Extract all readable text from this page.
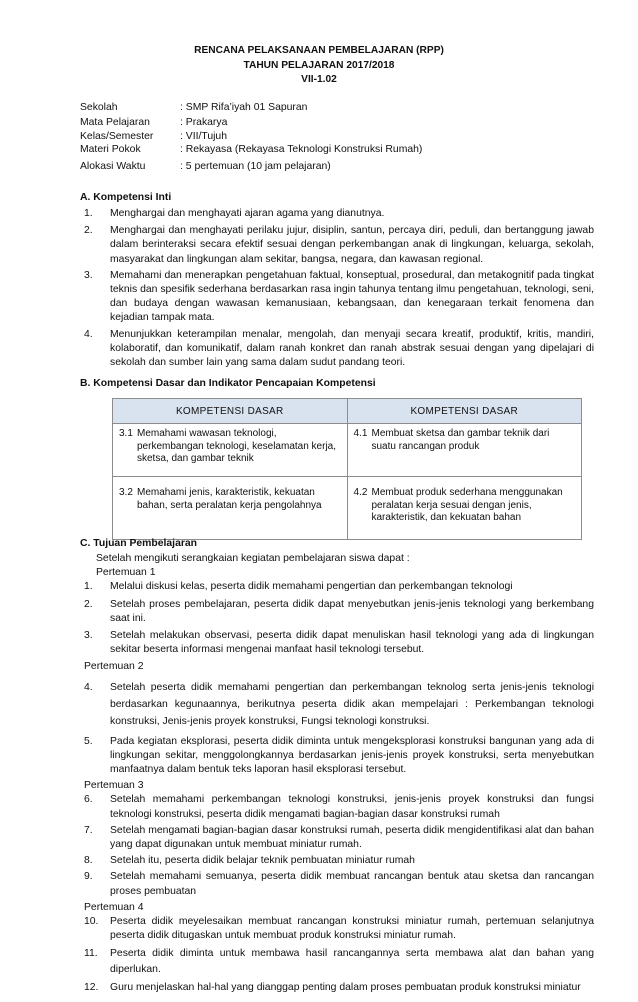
RENCANA PELAKSANAAN PEMBELAJARAN (RPP)
TAHUN PELAJARAN 2017/2018
VII-1.02
Sekolah	: SMP Rifa’iyah 01 Sapuran
Mata Pelajaran	: Prakarya
Kelas/Semester	: VII/Tujuh
Materi Pokok	: Rekayasa (Rekayasa Teknologi Konstruksi Rumah)
Alokasi Waktu	: 5 pertemuan (10 jam pelajaran)
A. Kompetensi Inti
1.	Menghargai dan menghayati ajaran agama yang dianutnya.
2.	Menghargai dan menghayati perilaku jujur, disiplin, santun, percaya diri, peduli, dan bertanggung jawab dalam berinteraksi secara efektif sesuai dengan perkembangan anak di lingkungan, keluarga, sekolah, masyarakat dan lingkungan alam sekitar, bangsa, negara, dan kawasan regional.
3.	Memahami dan menerapkan pengetahuan faktual, konseptual, prosedural, dan metakognitif pada tingkat teknis dan spesifik sederhana berdasarkan rasa ingin tahunya tentang ilmu pengetahuan, teknologi, seni, dan budaya dengan wawasan kemanusiaan, kebangsaan, dan kenegaraan terkait fenomena dan kejadian tampak mata.
4.	Menunjukkan keterampilan menalar, mengolah, dan menyaji secara kreatif, produktif, kritis, mandiri, kolaboratif, dan komunikatif, dalam ranah konkret dan ranah abstrak sesuai dengan yang dipelajari di sekolah dan sumber lain yang sama dalam sudut pandang teori.
B. Kompetensi Dasar dan Indikator Pencapaian Kompetensi
KOMPETENSI DASAR	KOMPETENSI DASAR

3.1 Memahami wawasan teknologi, perkembangan teknologi, keselamatan kerja, sketsa, dan gambar teknik	4.1 Membuat sketsa dan gambar teknik dari suatu rancangan produk

3.2 Memahami jenis, karakteristik, kekuatan bahan, serta peralatan kerja pengolahnya	4.2 Membuat produk sederhana menggunakan peralatan kerja sesuai dengan jenis, karakteristik, dan kekuatan bahan
C. Tujuan Pembelajaran
Setelah mengikuti serangkaian kegiatan pembelajaran siswa dapat :
Pertemuan 1
1.	Melalui diskusi kelas, peserta didik memahami pengertian dan perkembangan teknologi
2.	Setelah proses pembelajaran, peserta didik dapat menyebutkan jenis-jenis teknologi yang berkembang saat ini.
3.	Setelah melakukan observasi, peserta didik dapat menuliskan hasil teknologi yang ada di lingkungan sekitar beserta informasi mengenai manfaat hasil teknologi tersebut.
Pertemuan 2
4.	Setelah peserta didik memahami pengertian dan perkembangan teknolog serta jenis-jenis teknologi berdasarkan kegunaannya, berikutnya peserta didik akan mempelajari : Perkembangan teknologi konstruksi, Jenis-jenis proyek konstruksi, Fungsi teknologi konstruksi.
5.	Pada kegiatan eksplorasi, peserta didik diminta untuk mengeksplorasi konstruksi bangunan yang ada di lingkungan sekitar, menggolongkannya berdasarkan jenis-jenis proyek konstruksi, serta menyebutkan manfaatnya dalam bentuk teks laporan hasil eksplorasi tersebut.
Pertemuan 3
6.	Setelah memahami perkembangan teknologi konstruksi, jenis-jenis proyek konstruksi dan fungsi teknologi konstruksi, peserta didik mengamati bagian-bagian dasar konstruksi rumah
7.	Setelah mengamati bagian-bagian dasar konstruksi rumah, peserta didik mengidentifikasi alat dan bahan yang dapat digunakan untuk membuat miniatur rumah.
8.	Setelah itu, peserta didik belajar teknik pembuatan miniatur rumah
9.	Setelah memahami semuanya, peserta didik membuat rancangan bentuk atau sketsa dan rancangan proses pembuatan
Pertemuan 4
10.	Peserta didik meyelesaikan membuat rancangan konstruksi miniatur rumah, pertemuan selanjutnya peserta didik ditugaskan untuk membuat produk konstruksi miniatur rumah.
11.	Peserta didik diminta untuk membawa hasil rancangannya serta membawa alat dan bahan yang diperlukan.
12.	Guru menjelaskan hal-hal yang dianggap penting dalam proses pembuatan produk konstruksi miniatur
